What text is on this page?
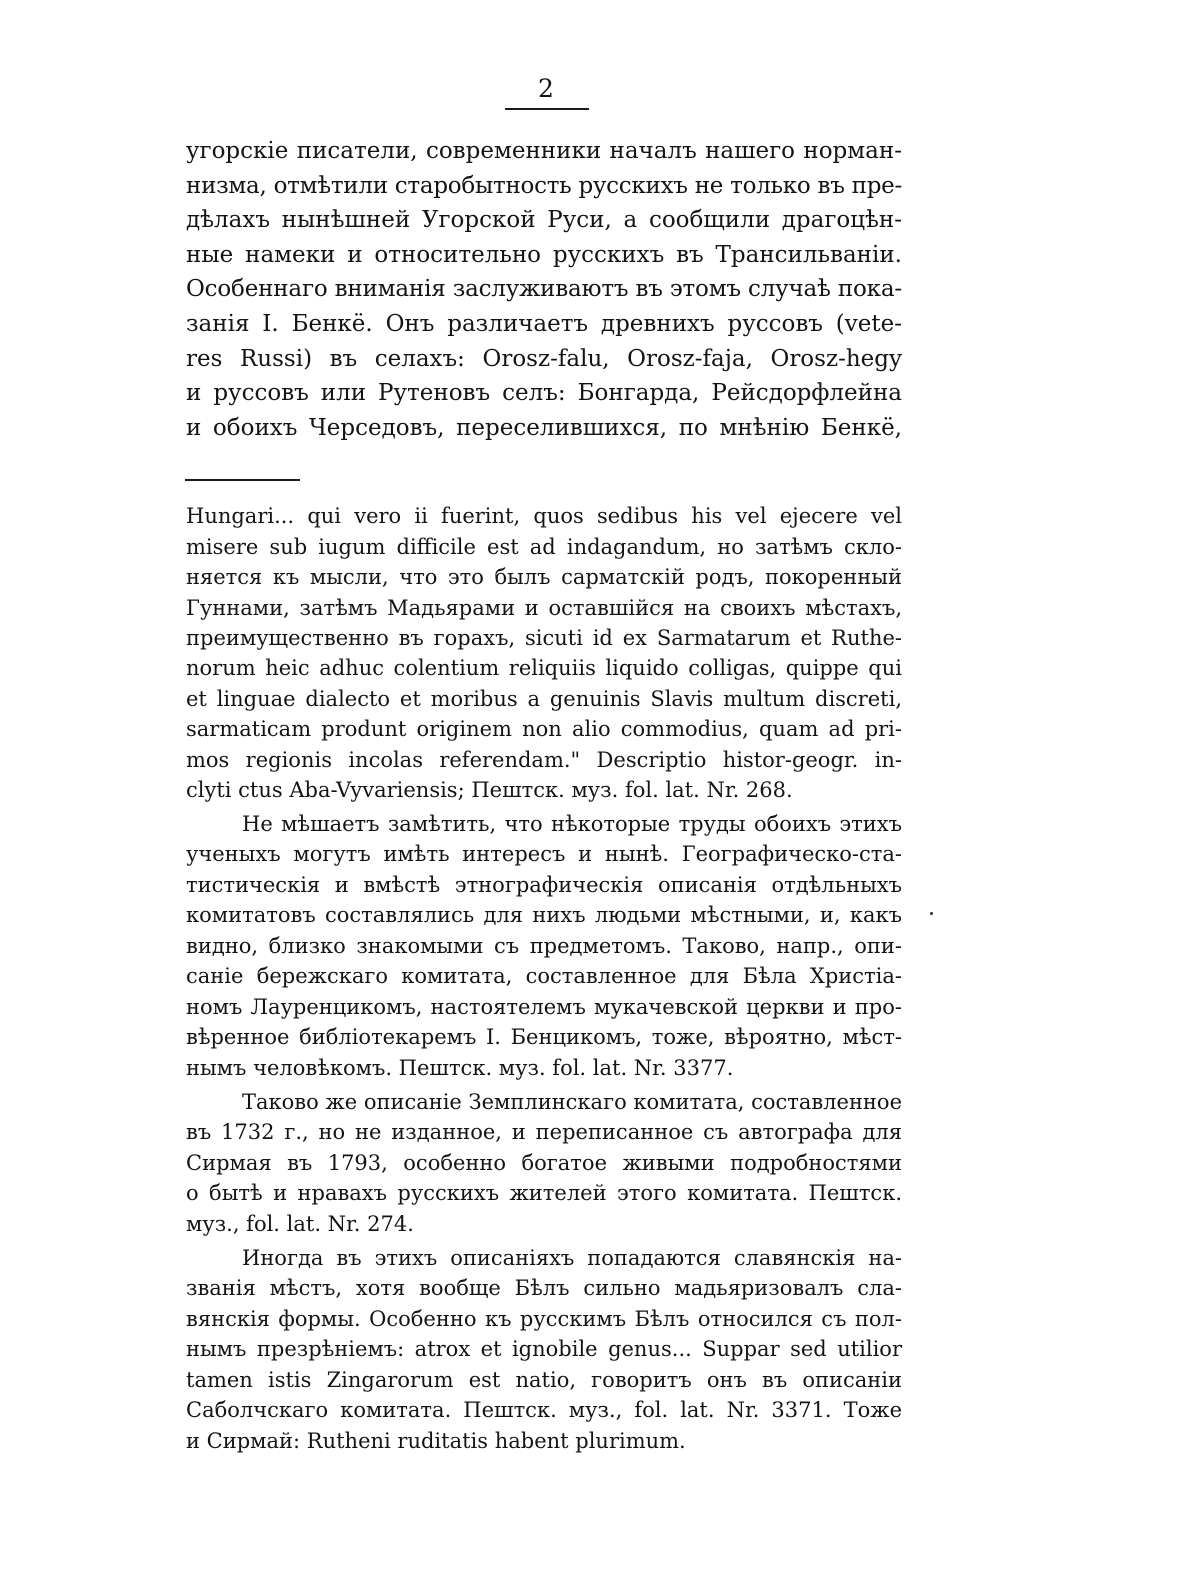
2

угорскіе писатели, современники началъ нашего норман-

низма, отмѣтили старобытность русскихъ не только въ пре-

дѣлахъ нынѣшней Угорской Руси, а сообщили драгоцѣн-

ные намеки и относительно русскихъ въ Трансильваніи.

Особеннаго вниманія заслуживаютъ въ этомъ случаѣ пока-

занія І. Бенкё. Онъ различаетъ древнихъ руссовъ (vete-

res Russi) въ селахъ: Orosz-falu, Orosz-faja, Orosz-hegy

и руссовъ или Рутеновъ селъ: Бонгарда, Рейсдорфлейна

и обоихъ Черседовъ, переселившихся, по мнѣнію Бенкё,

Hungari... qui vero ii fuerint, quos sedibus his vel ejecere vel

misere sub iugum difficile est ad indagandum, но затѣмъ скло-

няется къ мысли, что это былъ сарматскій родъ, покоренный

Гуннами, затѣмъ Мадьярами и оставшійся на своихъ мѣстахъ,

преимущественно въ горахъ, sicuti id ex Sarmatarum et Ruthe-

norum heic adhuc colentium reliquiis liquido colligas, quippe qui

et linguae dialecto et moribus a genuinis Slavis multum discreti,

sarmaticam produnt originem non alio commodius, quam ad pri-

mos regionis incolas referendam." Descriptio histor-geogr. in-

clyti ctus Aba-Vyvariensis; Пештск. муз. fol. lat. Nr. 268.

Не мѣшаетъ замѣтить, что нѣкоторые труды обоихъ этихъ

ученыхъ могутъ имѣть интересъ и нынѣ. Географическо-ста-

тистическія и вмѣстѣ этнографическія описанія отдѣльныхъ

комитатовъ составлялись для нихъ людьми мѣстными, и, какъ

видно, близко знакомыми съ предметомъ. Таково, напр., опи-

саніе бережскаго комитата, составленное для Бѣла Христіа-

номъ Лауренцикомъ, настоятелемъ мукачевской церкви и про-

вѣренное библіотекаремъ І. Бенцикомъ, тоже, вѣроятно, мѣст-

нымъ человѣкомъ. Пештск. муз. fol. lat. Nr. 3377.

Таково же описаніе Земплинскаго комитата, составленное

въ 1732 г., но не изданное, и переписанное съ автографа для

Сирмая въ 1793, особенно богатое живыми подробностями

о бытѣ и нравахъ русскихъ жителей этого комитата. Пештск.

муз., fol. lat. Nr. 274.

Иногда въ этихъ описаніяхъ попадаются славянскія на-

званія мѣстъ, хотя вообще Бѣлъ сильно мадьяризовалъ сла-

вянскія формы. Особенно къ русскимъ Бѣлъ относился съ пол-

нымъ презрѣніемъ: atrox et ignobile genus... Suppar sed utilior

tamen istis Zingarorum est natio, говоритъ онъ въ описаніи

Саболчскаго комитата. Пештск. муз., fol. lat. Nr. 3371. Тоже

и Сирмай: Rutheni ruditatis habent plurimum.
